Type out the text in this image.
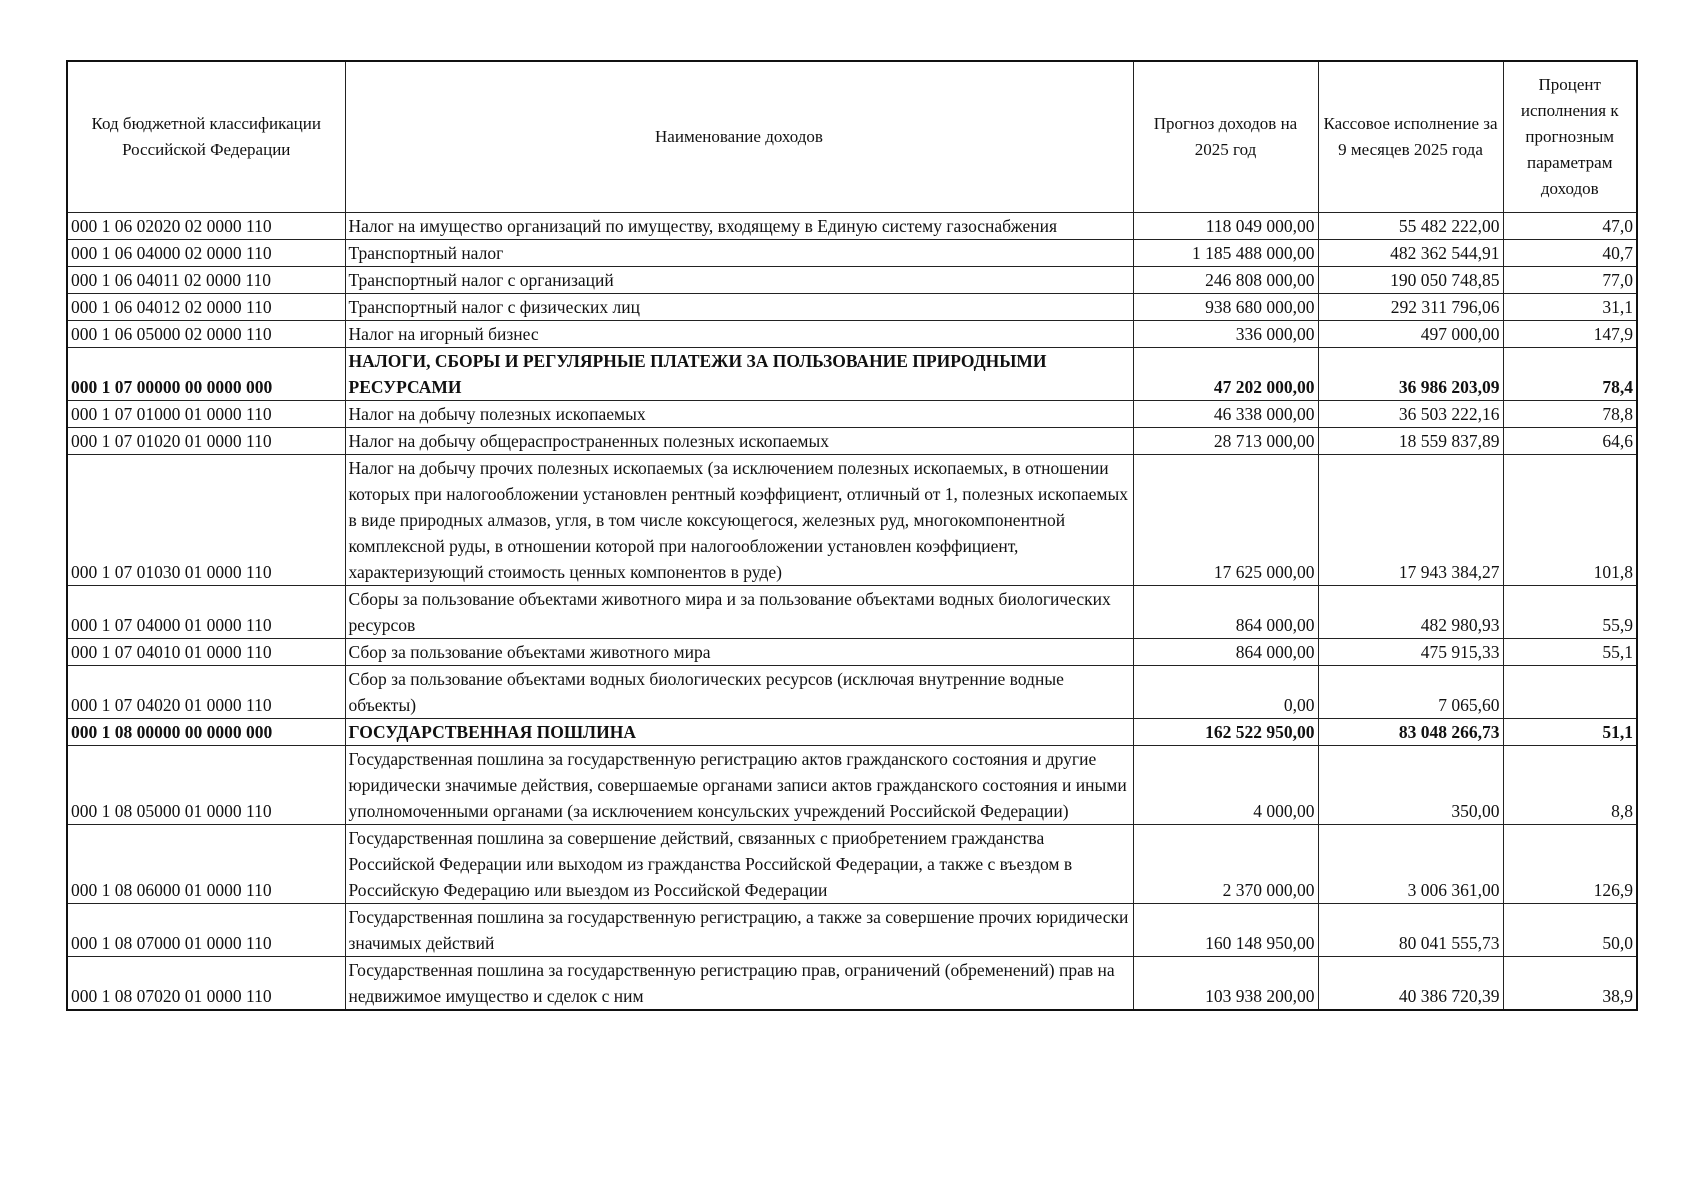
Код бюджетной классификации Российской Федерации	Наименование доходов	Прогноз доходов на 2025 год	Кассовое исполнение за 9 месяцев 2025 года	Процент исполнения к прогнозным параметрам доходов
000 1 06 02020 02 0000 110	Налог на имущество организаций по имуществу, входящему в Единую систему газоснабжения	118 049 000,00	55 482 222,00	47,0
000 1 06 04000 02 0000 110	Транспортный налог	1 185 488 000,00	482 362 544,91	40,7
000 1 06 04011 02 0000 110	Транспортный налог с организаций	246 808 000,00	190 050 748,85	77,0
000 1 06 04012 02 0000 110	Транспортный налог с физических лиц	938 680 000,00	292 311 796,06	31,1
000 1 06 05000 02 0000 110	Налог на игорный бизнес	336 000,00	497 000,00	147,9
000 1 07 00000 00 0000 000	НАЛОГИ, СБОРЫ И РЕГУЛЯРНЫЕ ПЛАТЕЖИ ЗА ПОЛЬЗОВАНИЕ ПРИРОДНЫМИ РЕСУРСАМИ	47 202 000,00	36 986 203,09	78,4
000 1 07 01000 01 0000 110	Налог на добычу полезных ископаемых	46 338 000,00	36 503 222,16	78,8
000 1 07 01020 01 0000 110	Налог на добычу общераспространенных полезных ископаемых	28 713 000,00	18 559 837,89	64,6
000 1 07 01030 01 0000 110	Налог на добычу прочих полезных ископаемых (за исключением полезных ископаемых, в отношении которых при налогообложении установлен рентный коэффициент, отличный от 1, полезных ископаемых в виде природных алмазов, угля, в том числе коксующегося, железных руд, многокомпонентной комплексной руды, в отношении которой при налогообложении установлен коэффициент, характеризующий стоимость ценных компонентов в руде)	17 625 000,00	17 943 384,27	101,8
000 1 07 04000 01 0000 110	Сборы за пользование объектами животного мира и за пользование объектами водных биологических ресурсов	864 000,00	482 980,93	55,9
000 1 07 04010 01 0000 110	Сбор за пользование объектами животного мира	864 000,00	475 915,33	55,1
000 1 07 04020 01 0000 110	Сбор за пользование объектами водных биологических ресурсов (исключая внутренние водные объекты)	0,00	7 065,60	
000 1 08 00000 00 0000 000	ГОСУДАРСТВЕННАЯ ПОШЛИНА	162 522 950,00	83 048 266,73	51,1
000 1 08 05000 01 0000 110	Государственная пошлина за государственную регистрацию актов гражданского состояния и другие юридически значимые действия, совершаемые органами записи актов гражданского состояния и иными уполномоченными органами (за исключением консульских учреждений Российской Федерации)	4 000,00	350,00	8,8
000 1 08 06000 01 0000 110	Государственная пошлина за совершение действий, связанных с приобретением гражданства Российской Федерации или выходом из гражданства Российской Федерации, а также с въездом в Российскую Федерацию или выездом из Российской Федерации	2 370 000,00	3 006 361,00	126,9
000 1 08 07000 01 0000 110	Государственная пошлина за государственную регистрацию, а также за совершение прочих юридически значимых действий	160 148 950,00	80 041 555,73	50,0
000 1 08 07020 01 0000 110	Государственная пошлина за государственную регистрацию прав, ограничений (обременений) прав на недвижимое имущество и сделок с ним	103 938 200,00	40 386 720,39	38,9
